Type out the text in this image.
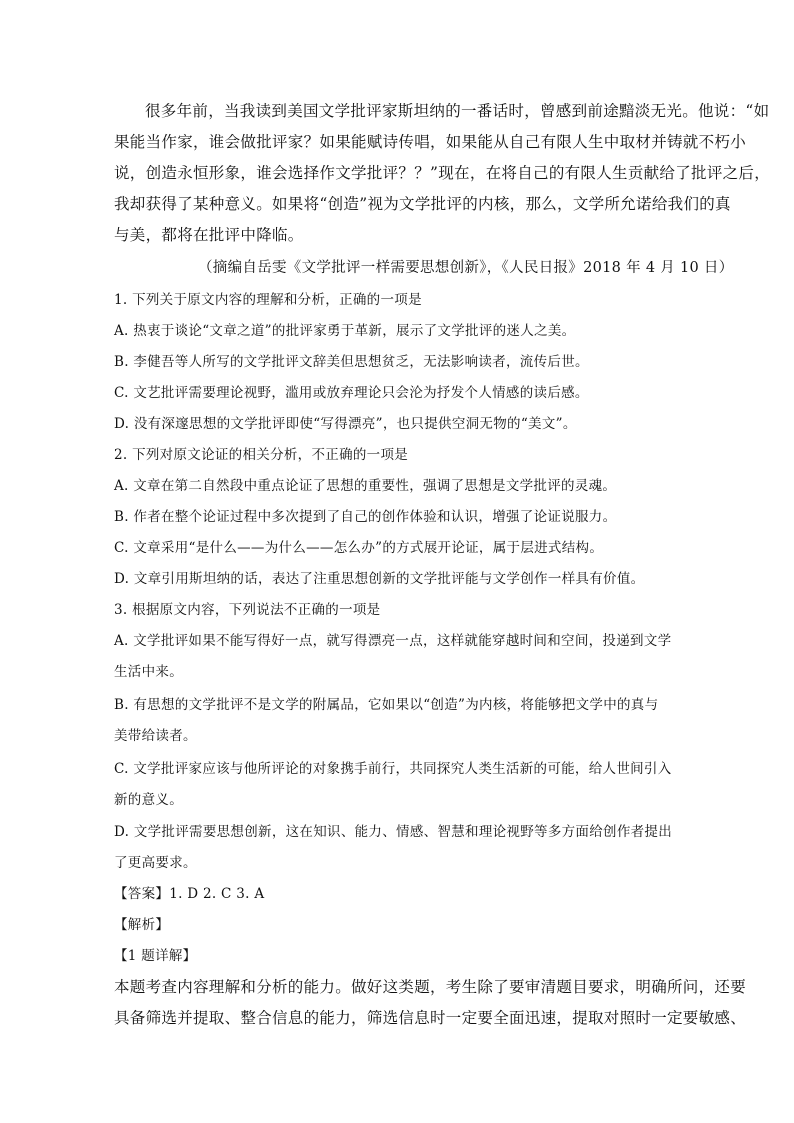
很多年前，当我读到美国文学批评家斯坦纳的一番话时，曾感到前途黯淡无光。他说：“如
果能当作家，谁会做批评家？如果能赋诗传唱，如果能从自己有限人生中取材并铸就不朽小
说，创造永恒形象，谁会选择作文学批评？？”现在，在将自己的有限人生贡献给了批评之后，
我却获得了某种意义。如果将“创造”视为文学批评的内核，那么，文学所允诺给我们的真
与美，都将在批评中降临。
（摘编自岳雯《文学批评一样需要思想创新》，《人民日报》2018 年 4 月 10 日）
1. 下列关于原文内容的理解和分析，正确的一项是
A. 热衷于谈论“文章之道”的批评家勇于革新，展示了文学批评的迷人之美。
B. 李健吾等人所写的文学批评文辞美但思想贫乏，无法影响读者，流传后世。
C. 文艺批评需要理论视野，滥用或放弃理论只会沦为抒发个人情感的读后感。
D. 没有深邃思想的文学批评即使“写得漂亮”，也只提供空洞无物的“美文”。
2. 下列对原文论证的相关分析，不正确的一项是
A. 文章在第二自然段中重点论证了思想的重要性，强调了思想是文学批评的灵魂。
B. 作者在整个论证过程中多次提到了自己的创作体验和认识，增强了论证说服力。
C. 文章采用“是什么——为什么——怎么办”的方式展开论证，属于层进式结构。
D. 文章引用斯坦纳的话，表达了注重思想创新的文学批评能与文学创作一样具有价值。
3. 根据原文内容，下列说法不正确的一项是
A. 文学批评如果不能写得好一点，就写得漂亮一点，这样就能穿越时间和空间，投递到文学
生活中来。
B. 有思想的文学批评不是文学的附属品，它如果以“创造”为内核，将能够把文学中的真与
美带给读者。
C. 文学批评家应该与他所评论的对象携手前行，共同探究人类生活新的可能，给人世间引入
新的意义。
D. 文学批评需要思想创新，这在知识、能力、情感、智慧和理论视野等多方面给创作者提出
了更高要求。
【答案】1. D 2. C 3. A
【解析】
【1 题详解】
本题考查内容理解和分析的能力。做好这类题，考生除了要审清题目要求，明确所问，还要
具备筛选并提取、整合信息的能力，筛选信息时一定要全面迅速，提取对照时一定要敏感、
